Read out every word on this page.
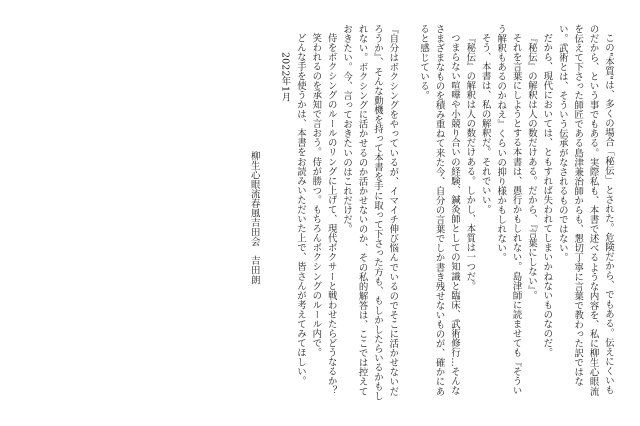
この"本質"は、多くの場合「秘伝」とされた。危険だから、でもある。伝えにくいものだから、という事でもある。実際私も、本書で述べるような内容を、私に柳生心眼流を伝えて下さった師匠である島津兼治師からも、懇切丁寧に言葉で教わった訳ではない。武術とは、そういう伝承がなされるものではない。

だから、現代においては、ともすれば失われてしまいかねないものなのだ。

『秘伝』の解釈は人の数だけある。だから、『言葉にしない』。

それを言葉にしようとする本書は、愚行かもしれない。島津師に読ませても『そういう解釈もあるのかねえ』くらいの抑り様かもしれない。

そう、本書は、私の解釈だ。それでいい。

『秘伝』の解釈は人の数だけある。しかし、本質は一つだ。

つまらない喧嘩や小競り合いの経験、鍼灸師としての知識と臨床、武術修行…そんなさまざまなものを積み重ねて来た今、自分の言葉でしか書き残せないものが、確かにあると感じている。

『自分はボクシングをやっているが、イマイチ伸び悩んでいるのでそこに活かせないだろうか』、そんな動機を持って本書を手に取って下さった方も、もしかしたらいるかもしれない。ボクシングに活かせるのか活かせないのか、その私的解答は、ここでは控えておきたい。今、言っておきたいのはこれだけだ。

侍をボクシングのルールのリングに上げて、現代ボクサーと戦わせたらどうなるか？

笑われるのを承知で言おう。侍が勝つ。もちろんボクシングのルール内で。

どんな手を使うかは、本書をお読みいただいた上で、皆さんが考えてみてほしい。

2022年1月

柳生心眼流春風吉田会　吉田朗
